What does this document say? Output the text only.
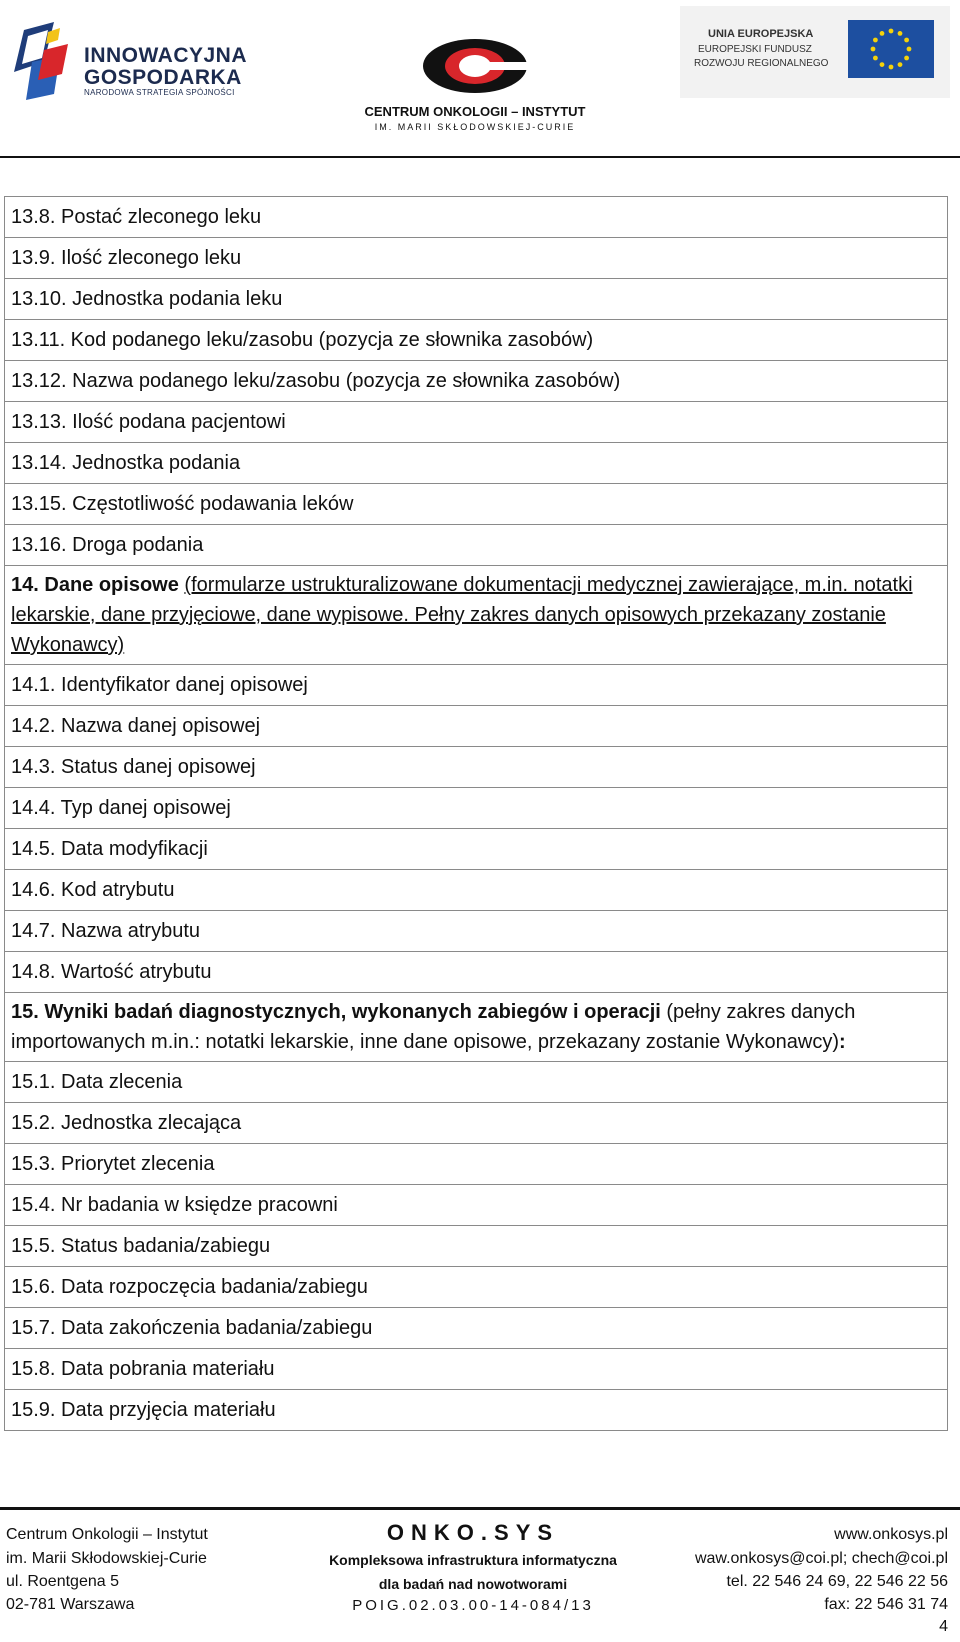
INNOWACYJNA
GOSPODARKA
NARODOWA STRATEGIA SPÓJNOŚCI
CENTRUM ONKOLOGII – INSTYTUT
IM. MARII SKŁODOWSKIEJ-CURIE
UNIA EUROPEJSKA
EUROPEJSKI FUNDUSZ
ROZWOJU REGIONALNEGO
13.8. Postać zleconego leku
13.9. Ilość zleconego leku
13.10. Jednostka podania leku
13.11. Kod podanego leku/zasobu (pozycja ze słownika zasobów)
13.12. Nazwa podanego leku/zasobu (pozycja ze słownika zasobów)
13.13. Ilość podana pacjentowi
13.14. Jednostka podania
13.15. Częstotliwość podawania leków
13.16. Droga podania
14. Dane opisowe (formularze ustrukturalizowane dokumentacji medycznej zawierające, m.in. notatki lekarskie, dane przyjęciowe, dane wypisowe. Pełny zakres danych opisowych przekazany zostanie Wykonawcy)
14.1. Identyfikator danej opisowej
14.2. Nazwa danej opisowej
14.3. Status danej opisowej
14.4. Typ danej opisowej
14.5. Data modyfikacji
14.6. Kod atrybutu
14.7. Nazwa atrybutu
14.8. Wartość atrybutu
15. Wyniki badań diagnostycznych, wykonanych zabiegów i operacji (pełny zakres danych importowanych m.in.: notatki lekarskie, inne dane opisowe, przekazany zostanie Wykonawcy):
15.1. Data zlecenia
15.2. Jednostka zlecająca
15.3. Priorytet zlecenia
15.4. Nr badania w księdze pracowni
15.5. Status badania/zabiegu
15.6. Data rozpoczęcia badania/zabiegu
15.7. Data zakończenia badania/zabiegu
15.8. Data pobrania materiału
15.9. Data przyjęcia materiału
Centrum Onkologii – Instytut
im. Marii Skłodowskiej-Curie
ul. Roentgena 5
02-781 Warszawa
ONKO.SYS
Kompleksowa infrastruktura informatyczna
dla badań nad nowotworami
POIG.02.03.00-14-084/13
www.onkosys.pl
waw.onkosys@coi.pl; chech@coi.pl
tel. 22 546 24 69, 22 546 22 56
fax: 22 546 31 74
4
